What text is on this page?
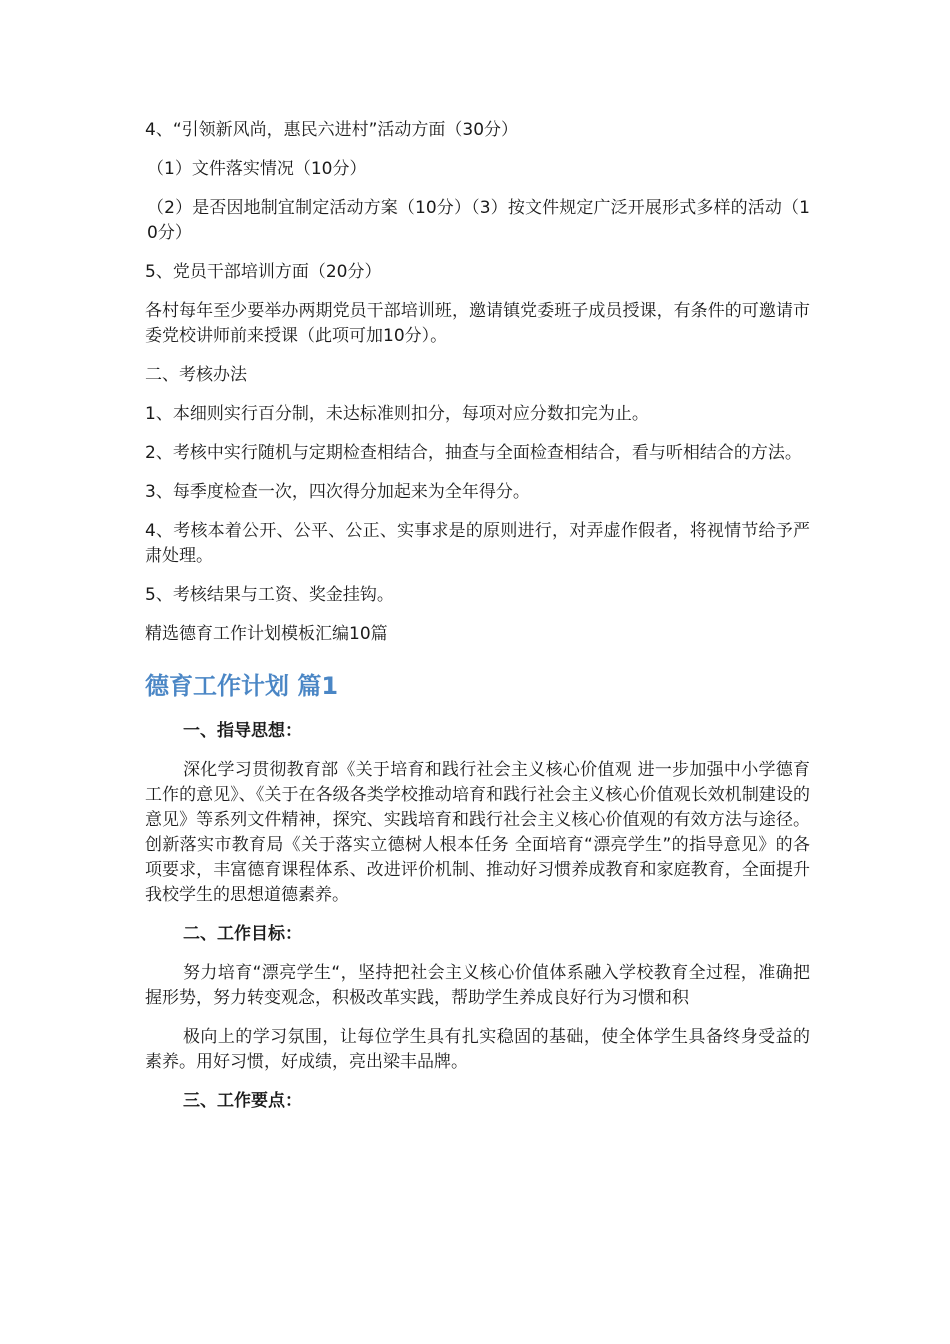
4、“引领新风尚，惠民六进村”活动方面（30分）

（1）文件落实情况（10分）

（2）是否因地制宜制定活动方案（10分）（3）按文件规定广泛开展形式多样的活动（10分）

5、党员干部培训方面（20分）

各村每年至少要举办两期党员干部培训班，邀请镇党委班子成员授课，有条件的可邀请市委党校讲师前来授课（此项可加10分）。

二、考核办法

1、本细则实行百分制，未达标准则扣分，每项对应分数扣完为止。

2、考核中实行随机与定期检查相结合，抽查与全面检查相结合，看与听相结合的方法。

3、每季度检查一次，四次得分加起来为全年得分。

4、考核本着公开、公平、公正、实事求是的原则进行，对弄虚作假者，将视情节给予严肃处理。

5、考核结果与工资、奖金挂钩。

精选德育工作计划模板汇编10篇

德育工作计划 篇1

一、指导思想：

深化学习贯彻教育部《关于培育和践行社会主义核心价值观 进一步加强中小学德育工作的意见》、《关于在各级各类学校推动培育和践行社会主义核心价值观长效机制建设的意见》等系列文件精神，探究、实践培育和践行社会主义核心价值观的有效方法与途径。创新落实市教育局《关于落实立德树人根本任务 全面培育“漂亮学生”的指导意见》的各项要求，丰富德育课程体系、改进评价机制、推动好习惯养成教育和家庭教育，全面提升我校学生的思想道德素养。

二、工作目标：

努力培育“漂亮学生“，坚持把社会主义核心价值体系融入学校教育全过程，准确把握形势，努力转变观念，积极改革实践，帮助学生养成良好行为习惯和积

极向上的学习氛围，让每位学生具有扎实稳固的基础，使全体学生具备终身受益的素养。用好习惯，好成绩，亮出梁丰品牌。

三、工作要点：
